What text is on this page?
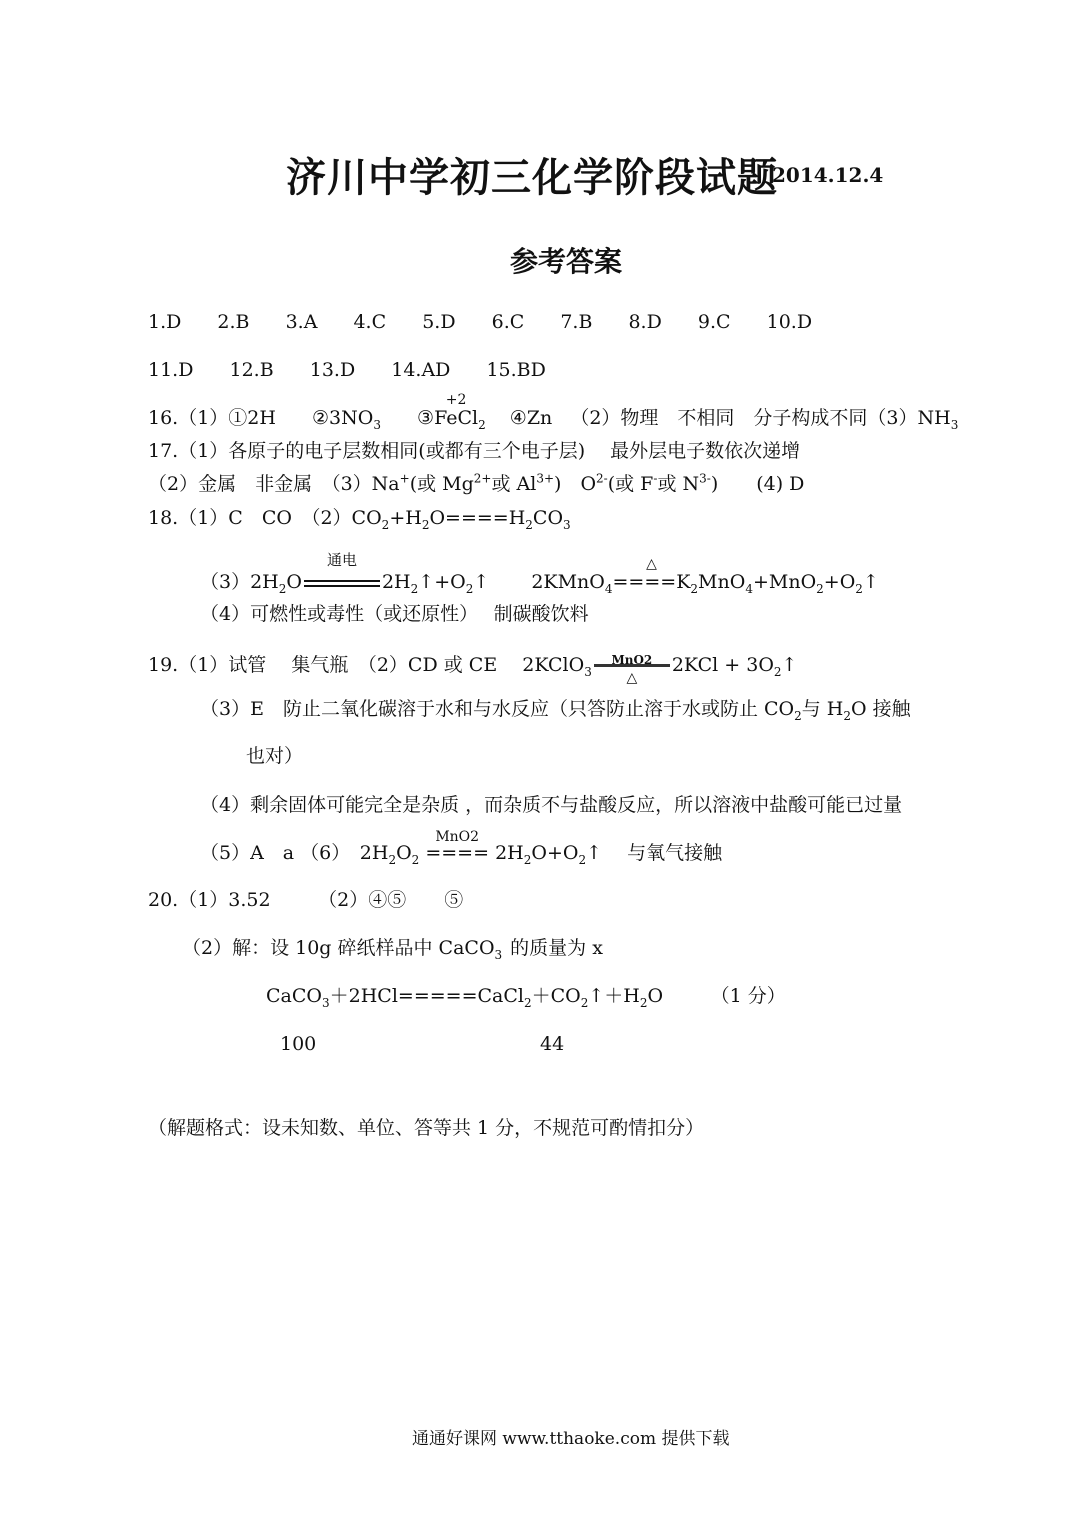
济川中学初三化学阶段试题
2014.12.4
参考答案
1.D 2.B 3.A 4.C 5.D 6.C 7.B 8.D 9.C 10.D
11.D 12.B 13.D 14.AD 15.BD
16.（1）①2H $②3NO_3$ ③
+2
FeCl$_2$ ④Zn （2）物理　不相同　分子构成不同$(3)NH_3$
17.（1）各原子的电子层数相同(或都有三个电子层)　 最外层电子数依次递增
（2）金属　非金属　（3）Na+(或 $Mg^{2+}$或 $Al^{3+}$)　$O^{2-}$(或 F-或 $N^{3-}$)　　(4) D
18.（1）C　CO　$(2)CO_2+H_2O====H_2CO_3$
$(3)2H_2O$
通电
$2H_2↑+O_2↑$ 2KMnO$_4$
△
$====K_2MnO_4+MnO_2+O_2↑$
（4）可燃性或毒性（或还原性）　 制碳酸饮料
19.（1）试管　 集气瓶　（2）CD 或 CE　 2KClO$_3$
MnO2
△
$2KCl + 3O_2↑$
（3）E　防止二氧化碳溶于水和与水反应（只答防止溶于水或防止 $CO_2$与 $H_2O$ 接触
也对）
（4）剩余固体可能完全是杂质 ，而杂质不与盐酸反应，所以溶液中盐酸可能已过量
（5）A　a （6）　$2H_2O_2$
MnO2
==== $2H_2O+O_2↑$　 与氧气接触
20.（1）3.52　　　（2）④⑤　　⑤
（2）解：设 10g 碎纸样品中 CaCO$_3$ 的质量为 x
$CaCO_3+2HCl=====CaCl_2+CO_2↑+H_2O$　　　（1 分）
100	44
（解题格式：设未知数、单位、答等共 1 分，不规范可酌情扣分）
通通好课网 www.tthaoke.com 提供下载
